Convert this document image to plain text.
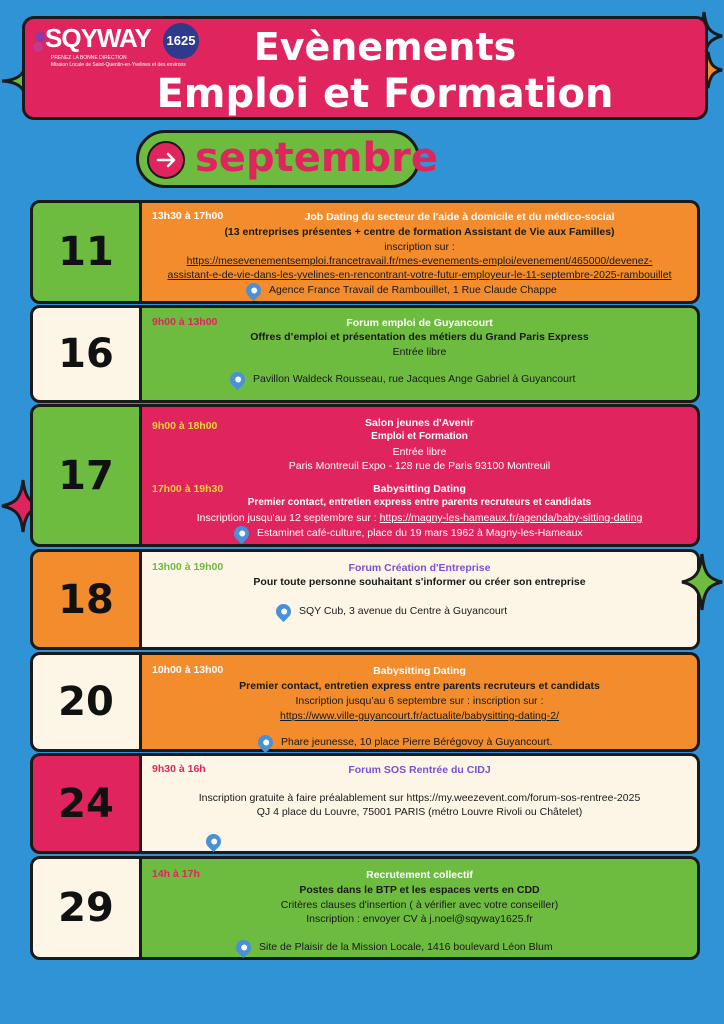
SQYWAY 1625
PRENEZ LA BONNE DIRECTION
Mission Locale de Saint-Quentin-en-Yvelines et des environs	Evènements
Emploi et Formation
septembre
11
13h30 à 17h00	Job Dating du secteur de l'aide à domicile et du médico-social
(13 entreprises présentes + centre de formation Assistant de Vie aux Familles)
inscription sur :
https://mesevenementsemploi.francetravail.fr/mes-evenements-emploi/evenement/465000/devenez-
assistant-e-de-vie-dans-les-yvelines-en-rencontrant-votre-futur-employeur-le-11-septembre-2025-rambouillet
Agence France Travail de Rambouillet, 1 Rue Claude Chappe
16
9h00 à 13h00	Forum emploi de Guyancourt
Offres d’emploi et présentation des métiers du Grand Paris Express
Entrée libre
Pavillon Waldeck Rousseau, rue Jacques Ange Gabriel à Guyancourt
17
9h00 à 18h00	Salon jeunes d'Avenir
Emploi et Formation
Entrée libre
Paris Montreuil Expo - 128 rue de Paris 93100 Montreuil
17h00 à 19h30	Babysitting Dating
Premier contact, entretien express entre parents recruteurs et candidats
Inscription jusqu'au 12 septembre sur : https://magny-les-hameaux.fr/agenda/baby-sitting-dating
Estaminet café-culture, place du 19 mars 1962 à Magny-les-Hameaux
18
13h00 à 19h00	Forum Création d'Entreprise
Pour toute personne souhaitant s'informer ou créer son entreprise
SQY Cub, 3 avenue du Centre à Guyancourt
20
10h00 à 13h00	Babysitting Dating
Premier contact, entretien express entre parents recruteurs et candidats
Inscription jusqu’au 6 septembre sur : inscription sur :
https://www.ville-guyancourt.fr/actualite/babysitting-dating-2/
Phare jeunesse, 10 place Pierre Bérégovoy à Guyancourt.
24
9h30 à 16h	Forum SOS Rentrée du CIDJ
Inscription gratuite à faire préalablement sur https://my.weezevent.com/forum-sos-rentree-2025
QJ 4 place du Louvre, 75001 PARIS (métro Louvre Rivoli ou Châtelet)
29
14h à 17h	Recrutement collectif
Postes dans le BTP et les espaces verts en CDD
Critères clauses d'insertion ( à vérifier avec votre conseiller)
Inscription : envoyer CV à j.noel@sqyway1625.fr
Site de Plaisir de la Mission Locale, 1416 boulevard Léon Blum
